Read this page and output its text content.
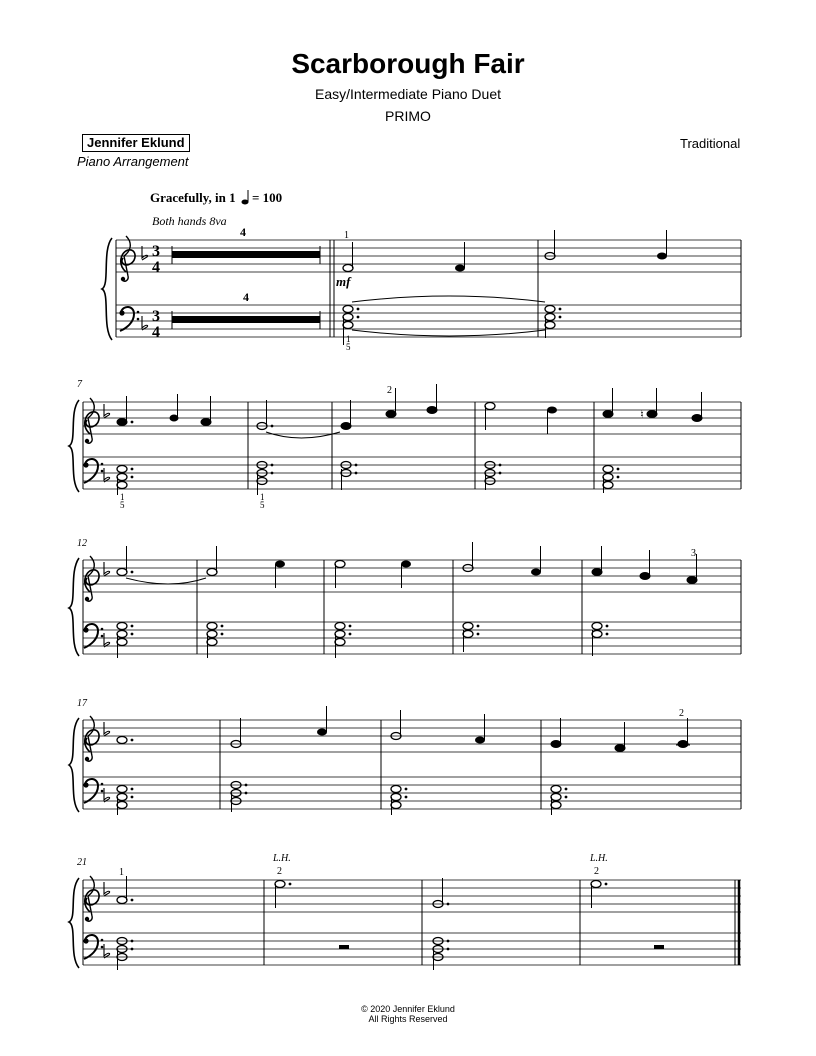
Scarborough Fair
Easy/Intermediate Piano Duet
PRIMO
Jennifer Eklund
Piano Arrangement
Traditional
Gracefully, in 1 = 100
Both hands 8va
© 2020 Jennifer Eklund
All Rights Reserved
3
4
3
4
4
4
1
mf
1
5
7
2
♮
1
5
1
5
12
3
17
2
21
1
L.H.
2
L.H.
2
